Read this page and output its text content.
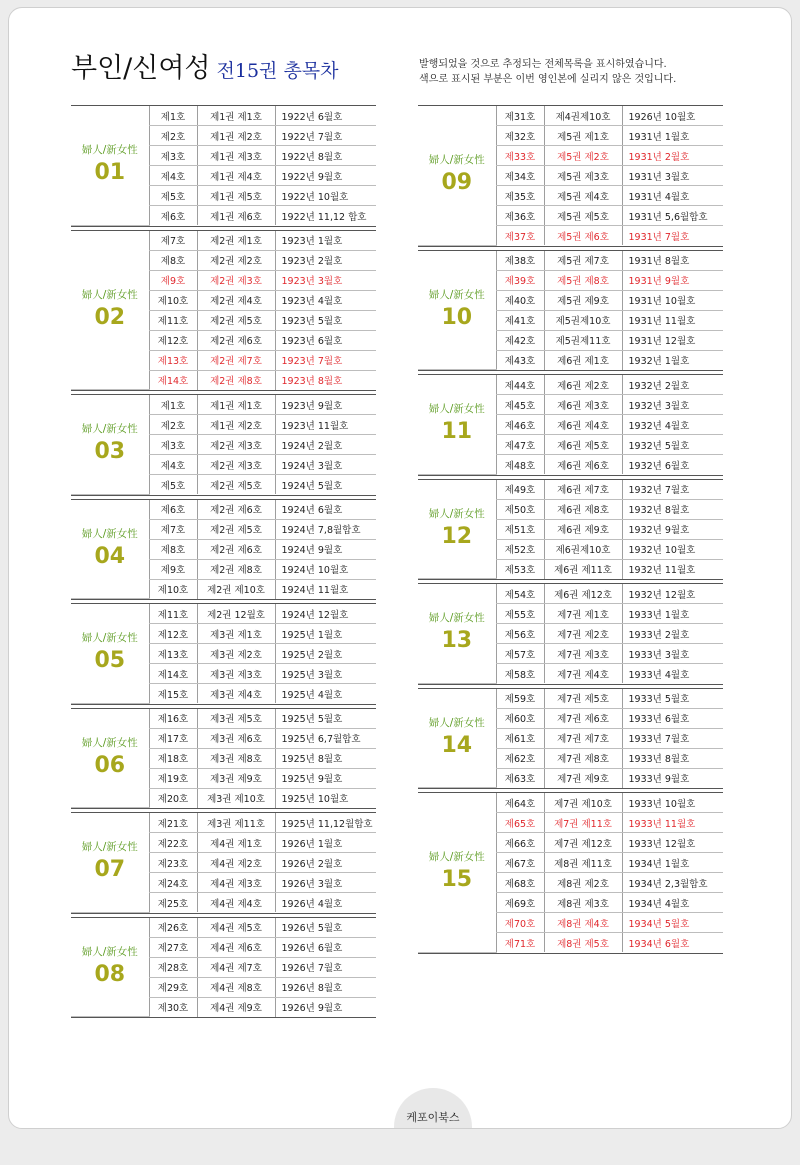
부인/신여성 전15권 총목차	발행되었을 것으로 추정되는 전체목록을 표시하였습니다.
색으로 표시된 부분은 이번 영인본에 실리지 않은 것입니다.
婦人/新女性
01	제1호	제1권 제1호	1922년 6월호
	제2호	제1권 제2호	1922년 7월호
	제3호	제1권 제3호	1922년 8월호
	제4호	제1권 제4호	1922년 9월호
	제5호	제1권 제5호	1922년 10월호
	제6호	제1권 제6호	1922년 11,12 합호
婦人/新女性
02	제7호	제2권 제1호	1923년 1월호
	제8호	제2권 제2호	1923년 2월호
	제9호	제2권 제3호	1923년 3월호
	제10호	제2권 제4호	1923년 4월호
	제11호	제2권 제5호	1923년 5월호
	제12호	제2권 제6호	1923년 6월호
	제13호	제2권 제7호	1923년 7월호
	제14호	제2권 제8호	1923년 8월호
婦人/新女性
03	제1호	제1권 제1호	1923년 9월호
	제2호	제1권 제2호	1923년 11월호
	제3호	제2권 제3호	1924년 2월호
	제4호	제2권 제3호	1924년 3월호
	제5호	제2권 제5호	1924년 5월호
婦人/新女性
04	제6호	제2권 제6호	1924년 6월호
	제7호	제2권 제5호	1924년 7,8월합호
	제8호	제2권 제6호	1924년 9월호
	제9호	제2권 제8호	1924년 10월호
	제10호	제2권 제10호	1924년 11월호
婦人/新女性
05	제11호	제2권 12월호	1924년 12월호
	제12호	제3권 제1호	1925년 1월호
	제13호	제3권 제2호	1925년 2월호
	제14호	제3권 제3호	1925년 3월호
	제15호	제3권 제4호	1925년 4월호
婦人/新女性
06	제16호	제3권 제5호	1925년 5월호
	제17호	제3권 제6호	1925년 6,7월합호
	제18호	제3권 제8호	1925년 8월호
	제19호	제3권 제9호	1925년 9월호
	제20호	제3권 제10호	1925년 10월호
婦人/新女性
07	제21호	제3권 제11호	1925년 11,12월합호
	제22호	제4권 제1호	1926년 1월호
	제23호	제4권 제2호	1926년 2월호
	제24호	제4권 제3호	1926년 3월호
	제25호	제4권 제4호	1926년 4월호
婦人/新女性
08	제26호	제4권 제5호	1926년 5월호
	제27호	제4권 제6호	1926년 6월호
	제28호	제4권 제7호	1926년 7월호
	제29호	제4권 제8호	1926년 8월호
	제30호	제4권 제9호	1926년 9월호
婦人/新女性
09	제31호	제4권제10호	1926년 10월호
	제32호	제5권 제1호	1931년 1월호
	제33호	제5권 제2호	1931년 2월호
	제34호	제5권 제3호	1931년 3월호
	제35호	제5권 제4호	1931년 4월호
	제36호	제5권 제5호	1931년 5,6월합호
	제37호	제5권 제6호	1931년 7월호
婦人/新女性
10	제38호	제5권 제7호	1931년 8월호
	제39호	제5권 제8호	1931년 9월호
	제40호	제5권 제9호	1931년 10월호
	제41호	제5권제10호	1931년 11월호
	제42호	제5권제11호	1931년 12월호
	제43호	제6권 제1호	1932년 1월호
婦人/新女性
11	제44호	제6권 제2호	1932년 2월호
	제45호	제6권 제3호	1932년 3월호
	제46호	제6권 제4호	1932년 4월호
	제47호	제6권 제5호	1932년 5월호
	제48호	제6권 제6호	1932년 6월호
婦人/新女性
12	제49호	제6권 제7호	1932년 7월호
	제50호	제6권 제8호	1932년 8월호
	제51호	제6권 제9호	1932년 9월호
	제52호	제6권제10호	1932년 10월호
	제53호	제6권 제11호	1932년 11월호
婦人/新女性
13	제54호	제6권 제12호	1932년 12월호
	제55호	제7권 제1호	1933년 1월호
	제56호	제7권 제2호	1933년 2월호
	제57호	제7권 제3호	1933년 3월호
	제58호	제7권 제4호	1933년 4월호
婦人/新女性
14	제59호	제7권 제5호	1933년 5월호
	제60호	제7권 제6호	1933년 6월호
	제61호	제7권 제7호	1933년 7월호
	제62호	제7권 제8호	1933년 8월호
	제63호	제7권 제9호	1933년 9월호
婦人/新女性
15	제64호	제7권 제10호	1933년 10월호
	제65호	제7권 제11호	1933년 11월호
	제66호	제7권 제12호	1933년 12월호
	제67호	제8권 제11호	1934년 1월호
	제68호	제8권 제2호	1934년 2,3월합호
	제69호	제8권 제3호	1934년 4월호
	제70호	제8권 제4호	1934년 5월호
	제71호	제8권 제5호	1934년 6월호
케포이북스
